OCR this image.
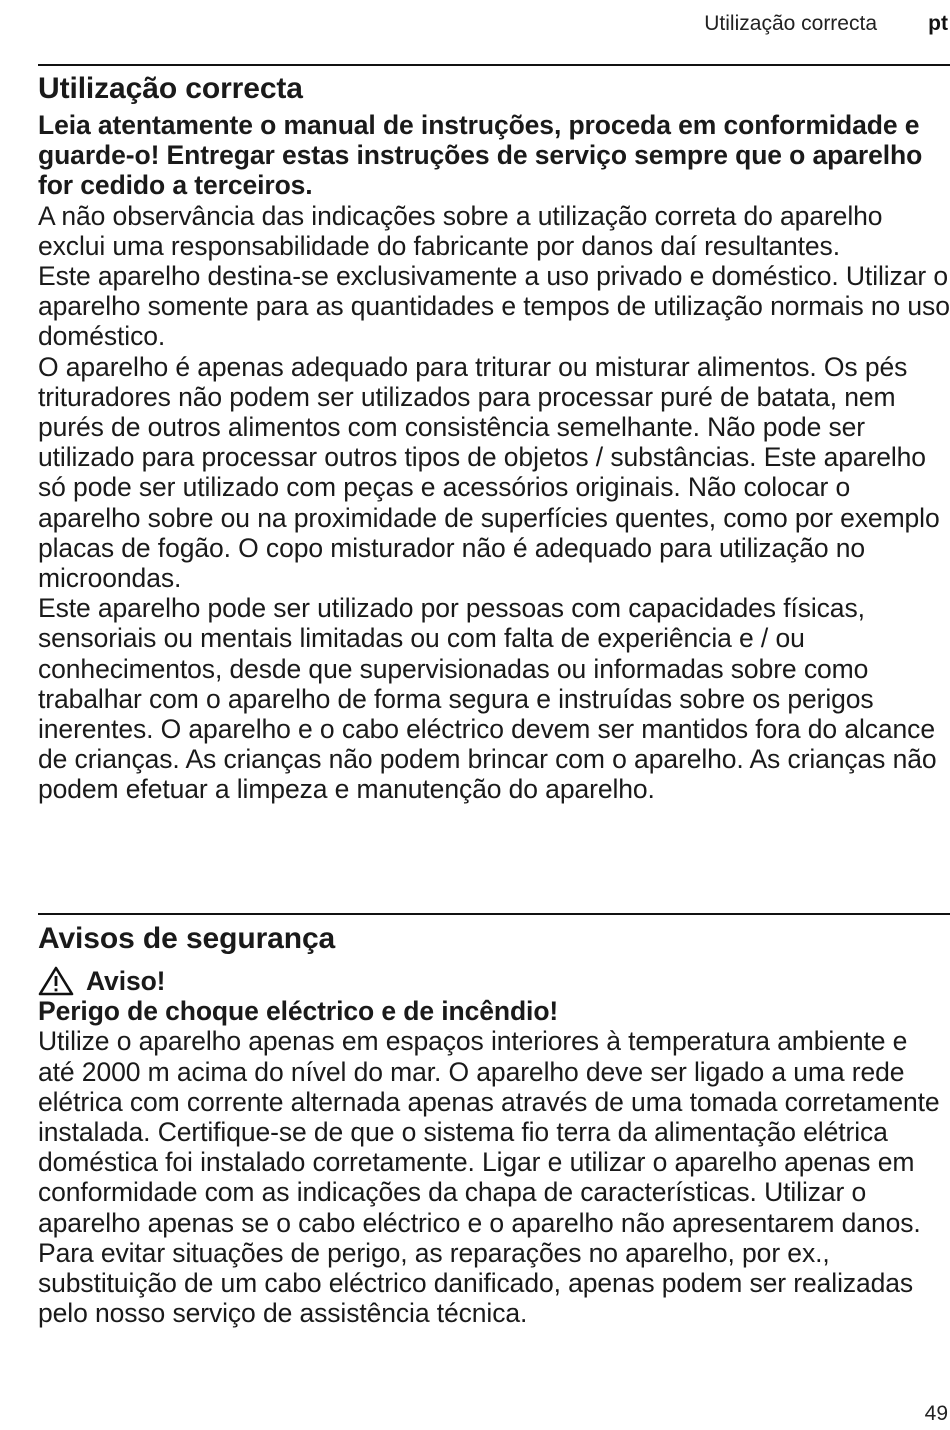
Utilização correcta pt
Utilização correcta

Leia atentamente o manual de instruções, proceda em conformidade e guarde-o! Entregar estas instruções de serviço sempre que o aparelho for cedido a terceiros.

A não observância das indicações sobre a utilização correta do aparelho exclui uma responsabilidade do fabricante por danos daí resultantes.

Este aparelho destina-se exclusivamente a uso privado e doméstico. Utilizar o aparelho somente para as quantidades e tempos de utilização normais no uso doméstico.

O aparelho é apenas adequado para triturar ou misturar alimentos. Os pés trituradores não podem ser utilizados para processar puré de batata, nem purés de outros alimentos com consistência semelhante. Não pode ser utilizado para processar outros tipos de objetos / substâncias. Este aparelho só pode ser utilizado com peças e acessórios originais. Não colocar o aparelho sobre ou na proximidade de superfícies quentes, como por exemplo placas de fogão. O copo misturador não é adequado para utilização no microondas.

Este aparelho pode ser utilizado por pessoas com capacidades físicas, sensoriais ou mentais limitadas ou com falta de experiência e / ou conhecimentos, desde que supervisionadas ou informadas sobre como trabalhar com o aparelho de forma segura e instruídas sobre os perigos inerentes. O aparelho e o cabo eléctrico devem ser mantidos fora do alcance de crianças. As crianças não podem brincar com o aparelho. As crianças não podem efetuar a limpeza e manutenção do aparelho.

Avisos de segurança
Aviso!

Perigo de choque eléctrico e de incêndio!

Utilize o aparelho apenas em espaços interiores à temperatura ambiente e até 2000 m acima do nível do mar. O aparelho deve ser ligado a uma rede elétrica com corrente alternada apenas através de uma tomada corretamente instalada. Certifique-se de que o sistema fio terra da alimentação elétrica doméstica foi instalado corretamente. Ligar e utilizar o aparelho apenas em conformidade com as indicações da chapa de características. Utilizar o aparelho apenas se o cabo eléctrico e o aparelho não apresentarem danos. Para evitar situações de perigo, as reparações no aparelho, por ex., substituição de um cabo eléctrico danificado, apenas podem ser realizadas pelo nosso serviço de assistência técnica.

49
